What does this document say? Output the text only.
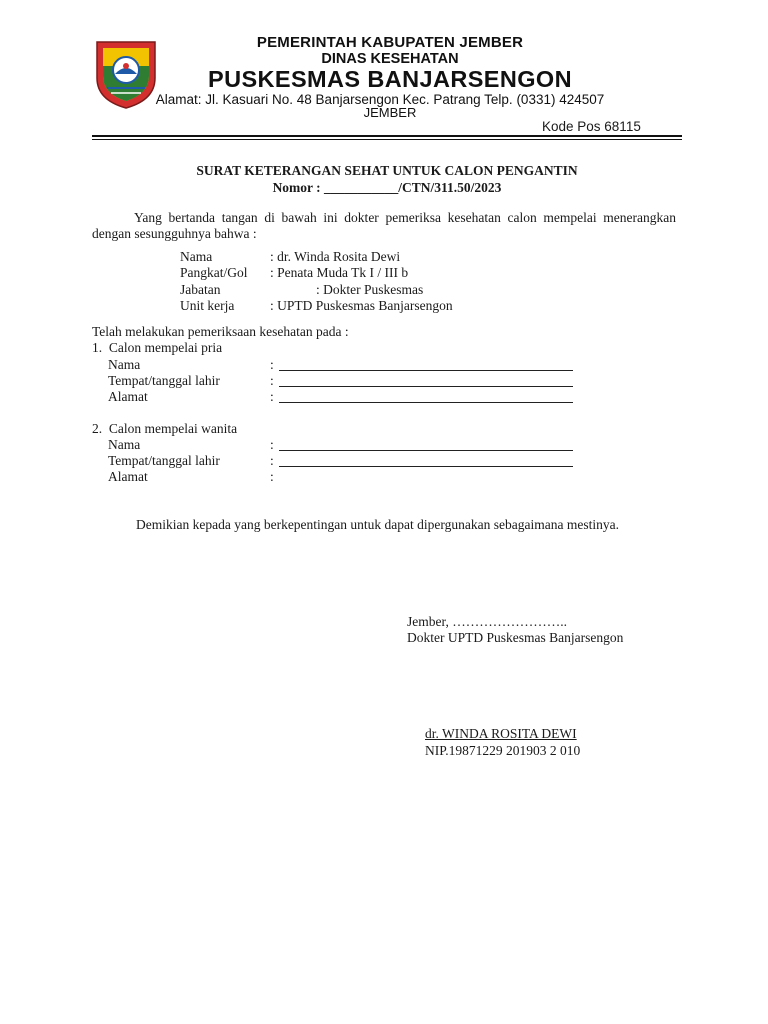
PEMERINTAH KABUPATEN JEMBER
DINAS KESEHATAN
PUSKESMAS BANJARSENGON
Alamat: Jl. Kasuari No. 48 Banjarsengon Kec. Patrang Telp. (0331) 424507
JEMBER
Kode Pos 68115
SURAT KETERANGAN SEHAT UNTUK CALON PENGANTIN
Nomor : ___________/CTN/311.50/2023
Yang bertanda tangan di bawah ini dokter pemeriksa kesehatan calon mempelai menerangkan dengan sesungguhnya bahwa :
Nama	: dr. Winda Rosita Dewi
Pangkat/Gol : Penata Muda Tk I / III b
Jabatan	: Dokter Puskesmas
Unit kerja	: UPTD Puskesmas Banjarsengon
Telah melakukan pemeriksaan kesehatan pada :
1.  Calon mempelai pria
Nama	:
Tempat/tanggal lahir	:
Alamat	:
2.  Calon mempelai wanita
Nama	:
Tempat/tanggal lahir	:
Alamat	:
Demikian kepada yang berkepentingan untuk dapat dipergunakan sebagaimana mestinya.
Jember, ……………………..
Dokter UPTD Puskesmas Banjarsengon
dr. WINDA ROSITA DEWI
NIP.19871229 201903 2 010
